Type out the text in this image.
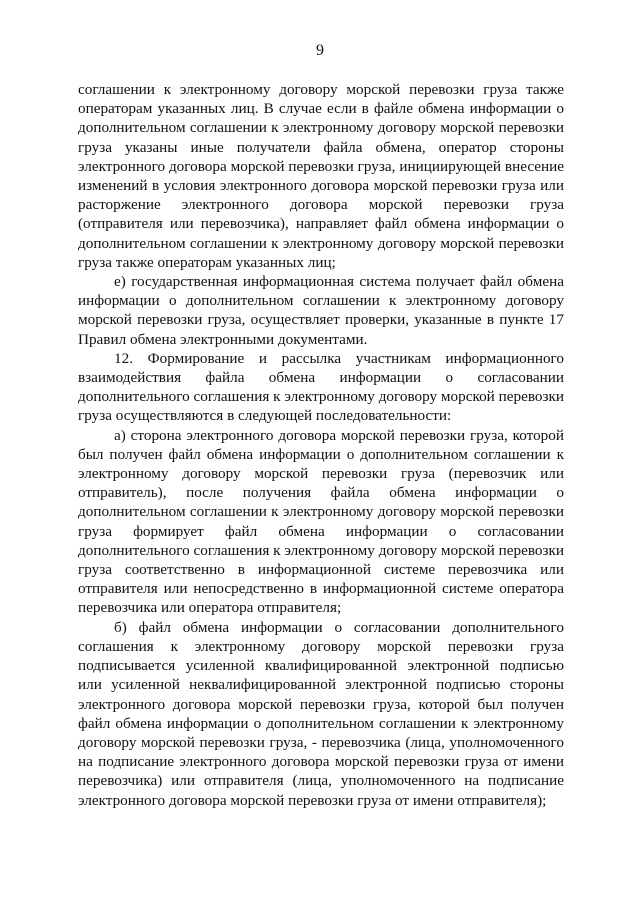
9

соглашении к электронному договору морской перевозки груза также операторам указанных лиц. В случае если в файле обмена информации о дополнительном соглашении к электронному договору морской перевозки груза указаны иные получатели файла обмена, оператор стороны электронного договора морской перевозки груза, инициирующей внесение изменений в условия электронного договора морской перевозки груза или расторжение электронного договора морской перевозки груза (отправителя или перевозчика), направляет файл обмена информации о дополнительном соглашении к электронному договору морской перевозки груза также операторам указанных лиц;

е) государственная информационная система получает файл обмена информации о дополнительном соглашении к электронному договору морской перевозки груза, осуществляет проверки, указанные в пункте 17 Правил обмена электронными документами.

12. Формирование и рассылка участникам информационного взаимодействия файла обмена информации о согласовании дополнительного соглашения к электронному договору морской перевозки груза осуществляются в следующей последовательности:

а) сторона электронного договора морской перевозки груза, которой был получен файл обмена информации о дополнительном соглашении к электронному договору морской перевозки груза (перевозчик или отправитель), после получения файла обмена информации о дополнительном соглашении к электронному договору морской перевозки груза формирует файл обмена информации о согласовании дополнительного соглашения к электронному договору морской перевозки груза соответственно в информационной системе перевозчика или отправителя или непосредственно в информационной системе оператора перевозчика или оператора отправителя;

б) файл обмена информации о согласовании дополнительного соглашения к электронному договору морской перевозки груза подписывается усиленной квалифицированной электронной подписью или усиленной неквалифицированной электронной подписью стороны электронного договора морской перевозки груза, которой был получен файл обмена информации о дополнительном соглашении к электронному договору морской перевозки груза, - перевозчика (лица, уполномоченного на подписание электронного договора морской перевозки груза от имени перевозчика) или отправителя (лица, уполномоченного на подписание электронного договора морской перевозки груза от имени отправителя);
